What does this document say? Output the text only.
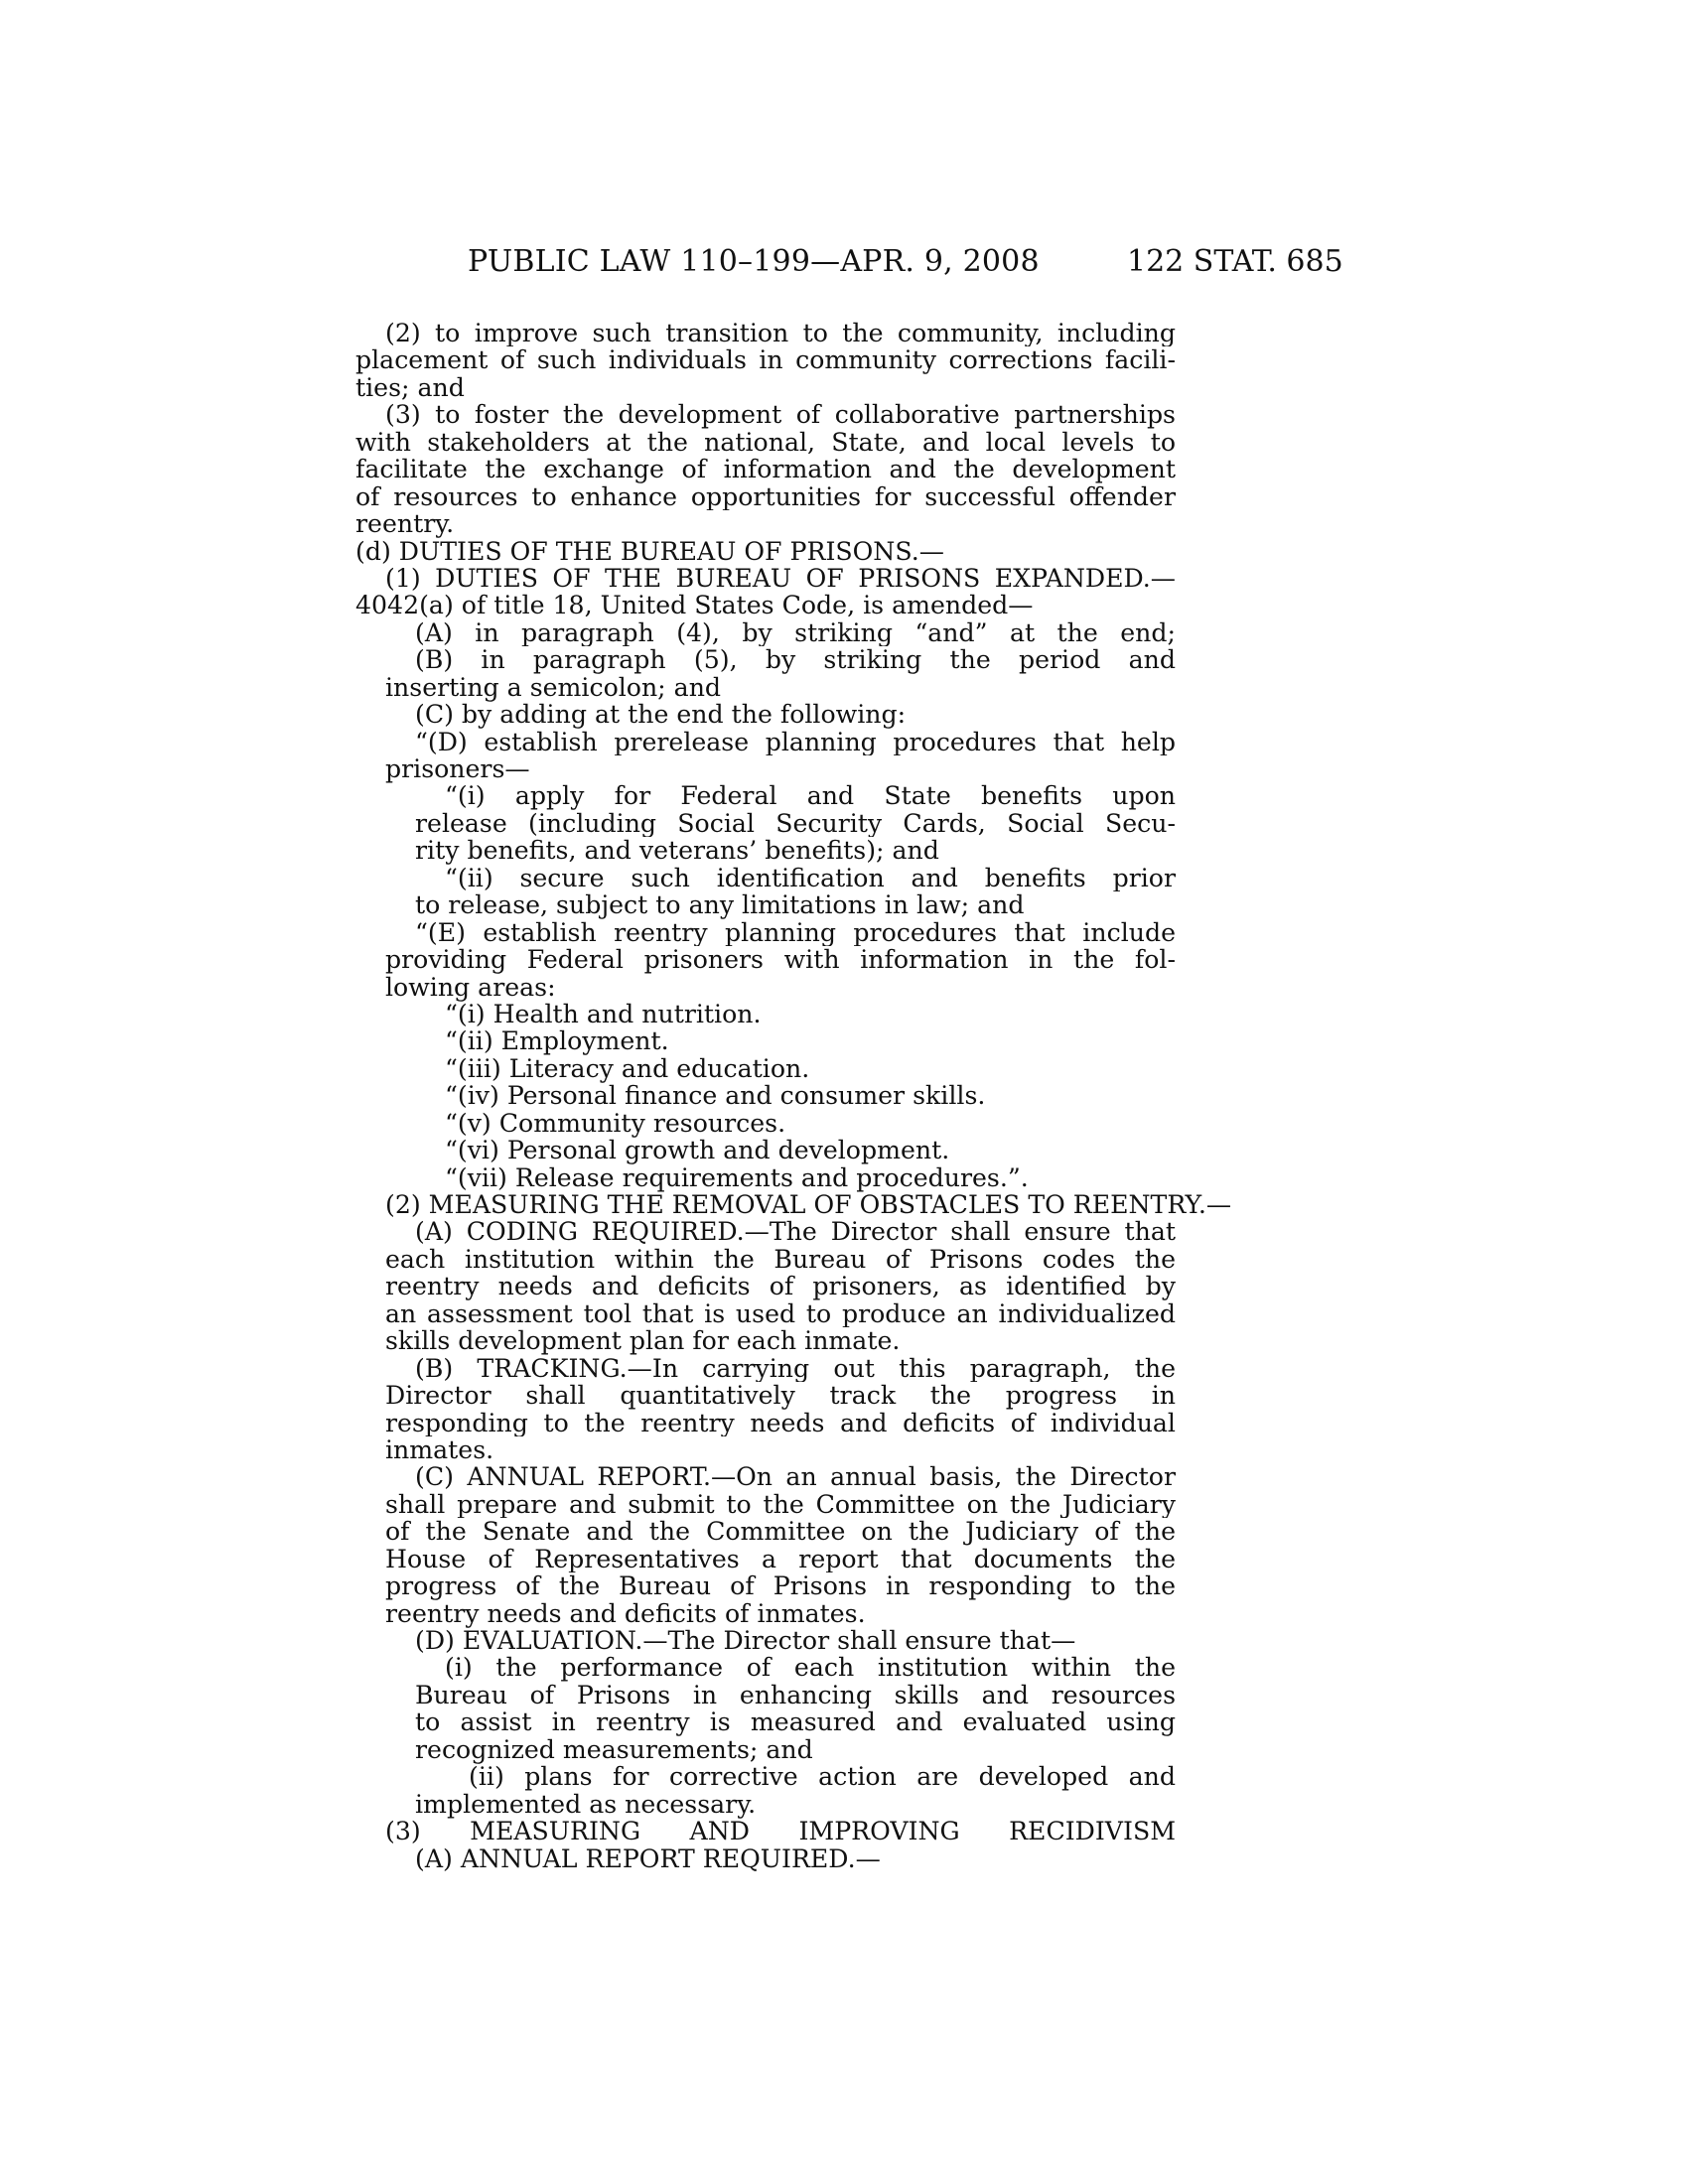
PUBLIC LAW 110–199—APR. 9, 2008	122 STAT. 685
(2) to improve such transition to the community, including
placement of such individuals in community corrections facili-
ties; and
(3) to foster the development of collaborative partnerships
with stakeholders at the national, State, and local levels to
facilitate the exchange of information and the development
of resources to enhance opportunities for successful offender
reentry.
(d) DUTIES OF THE BUREAU OF PRISONS.—
(1) DUTIES OF THE BUREAU OF PRISONS EXPANDED.—
4042(a) of title 18, United States Code, is amended—
(A) in paragraph (4), by striking “and” at the end;
(B) in paragraph (5), by striking the period and
inserting a semicolon; and
(C) by adding at the end the following:
“(D) establish prerelease planning procedures that help
prisoners—
“(i) apply for Federal and State benefits upon
release (including Social Security Cards, Social Secu-
rity benefits, and veterans’ benefits); and
“(ii) secure such identification and benefits prior
to release, subject to any limitations in law; and
“(E) establish reentry planning procedures that include
providing Federal prisoners with information in the fol-
lowing areas:
“(i) Health and nutrition.
“(ii) Employment.
“(iii) Literacy and education.
“(iv) Personal finance and consumer skills.
“(v) Community resources.
“(vi) Personal growth and development.
“(vii) Release requirements and procedures.”.
(2) MEASURING THE REMOVAL OF OBSTACLES TO REENTRY.—
(A) CODING REQUIRED.—The Director shall ensure that
each institution within the Bureau of Prisons codes the
reentry needs and deficits of prisoners, as identified by
an assessment tool that is used to produce an individualized
skills development plan for each inmate.
(B) TRACKING.—In carrying out this paragraph, the
Director shall quantitatively track the progress in
responding to the reentry needs and deficits of individual
inmates.
(C) ANNUAL REPORT.—On an annual basis, the Director
shall prepare and submit to the Committee on the Judiciary
of the Senate and the Committee on the Judiciary of the
House of Representatives a report that documents the
progress of the Bureau of Prisons in responding to the
reentry needs and deficits of inmates.
(D) EVALUATION.—The Director shall ensure that—
(i) the performance of each institution within the
Bureau of Prisons in enhancing skills and resources
to assist in reentry is measured and evaluated using
recognized measurements; and
(ii) plans for corrective action are developed and
implemented as necessary.
(3) MEASURING AND IMPROVING RECIDIVISM
(A) ANNUAL REPORT REQUIRED.—
